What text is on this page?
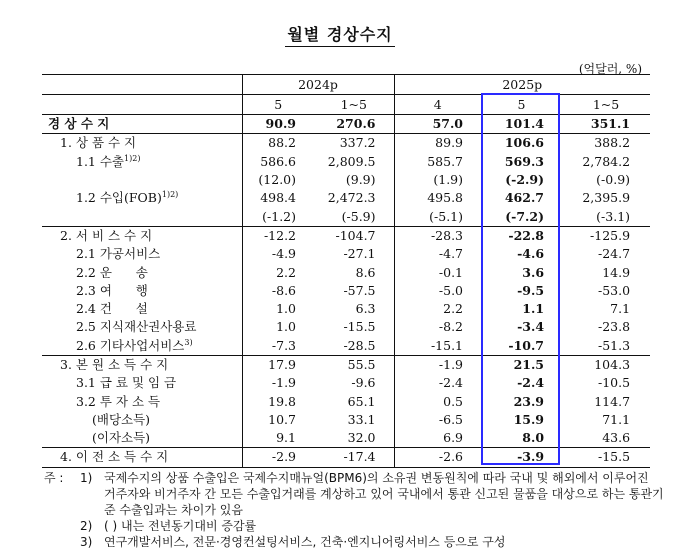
월별 경상수지
(억달러, %)
	2024p		2025p		
	5	1~5	4	5	1~5
경 상 수 지	90.9	270.6	57.0	101.4	351.1
1. 상 품 수 지	88.2	337.2	89.9	106.6	388.2
1.1 수출$^{1)2)}$	586.6	2,809.5	585.7	569.3	2,784.2
	(12.0)	(9.9)	(1.9)	(-2.9)	(-0.9)
1.2 수입(FOB)$^{1)2)}$	498.4	2,472.3	495.8	462.7	2,395.9
	(-1.2)	(-5.9)	(-5.1)	(-7.2)	(-3.1)
2. 서 비 스 수 지	-12.2	-104.7	-28.3	-22.8	-125.9
2.1 가공서비스	-4.9	-27.1	-4.7	-4.6	-24.7
2.2 운      송	2.2	8.6	-0.1	3.6	14.9
2.3 여      행	-8.6	-57.5	-5.0	-9.5	-53.0
2.4 건      설	1.0	6.3	2.2	1.1	7.1
2.5 지식재산권사용료	1.0	-15.5	-8.2	-3.4	-23.8
2.6 기타사업서비스$^{3)}$	-7.3	-28.5	-15.1	-10.7	-51.3
3. 본 원 소 득 수 지	17.9	55.5	-1.9	21.5	104.3
3.1 급 료 및 임 금	-1.9	-9.6	-2.4	-2.4	-10.5
3.2 투 자 소 득	19.8	65.1	0.5	23.9	114.7
(배당소득)	10.7	33.1	-6.5	15.9	71.1
(이자소득)	9.1	32.0	6.9	8.0	43.6
4. 이 전 소 득 수 지	-2.9	-17.4	-2.6	-3.9	-15.5
주 : 1) 국제수지의 상품 수출입은 국제수지매뉴얼(BPM6)의 소유권 변동원칙에 따라 국내 및 해외에서 이루어진 거주자와 비거주자 간 모든 수출입거래를 계상하고 있어 국내에서 통관 신고된 물품을 대상으로 하는 통관기준 수출입과는 차이가 있음
2) ( ) 내는 전년동기대비 증감률
3) 연구개발서비스, 전문·경영컨설팅서비스, 건축·엔지니어링서비스 등으로 구성
